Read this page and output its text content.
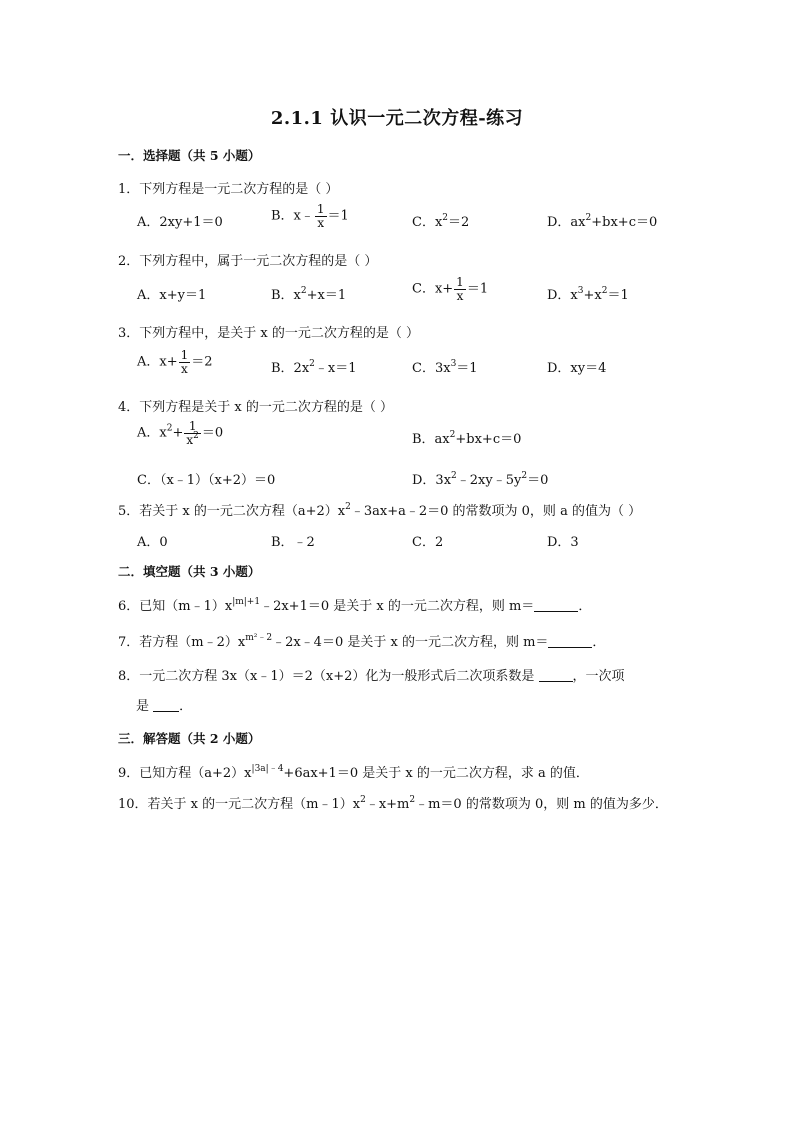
2.1.1 认识一元二次方程-练习
一．选择题（共 5 小题）
1．下列方程是一元二次方程的是（ ）
A．2xy+1＝0	B．x﹣ $\frac{1}{x} =1$	C．$x^2=2$	D．$ax^2+bx+c=0$
2．下列方程中，属于一元二次方程的是（ ）
A．x+y＝1	B．$x^2+x=1$	C．$x+ \frac{1}{x} =1$	D．$x^3+x^2=1$
3．下列方程中，是关于 x 的一元二次方程的是（ ）
A．$x+ \frac{1}{x} =2$	B．$2x^2﹣x=1$	C．$3x^3=1$	D．xy＝4
4．下列方程是关于 x 的一元二次方程的是（ ）
A．$x^2+ \frac{1}{x^2} =0$	B．$ax^2+bx+c=0$
C．（x﹣1）（x+2）＝0	D．$3x^2﹣2xy﹣5y^2=0$
5．若关于 x 的一元二次方程$(a+2)x^2﹣3ax+a﹣2=0$ 的常数项为 0，则 a 的值为（ ）
A．0	B．﹣2	C．2	D．3
二．填空题（共 3 小题）
6．已知$(m﹣1)x^{|m|+1}﹣2x+1=0$ 是关于 x 的一元二次方程，则 m＝	．
7．若方程$(m﹣2)x^{m^2﹣2}﹣2x﹣4=0$ 是关于 x 的一元二次方程，则 m＝	．
8．一元二次方程 3x（x﹣1）＝2（x+2）化为一般形式后二次项系数是	，一次项
是 ．
三．解答题（共 2 小题）
9．已知方程$(a+2)x^{|3a|﹣4}+6ax+1=0$ 是关于 x 的一元二次方程，求 a 的值．
10．若关于 x 的一元二次方程$(m﹣1)x^2﹣x+m^2﹣m=0$ 的常数项为 0，则 m 的值为多少．
